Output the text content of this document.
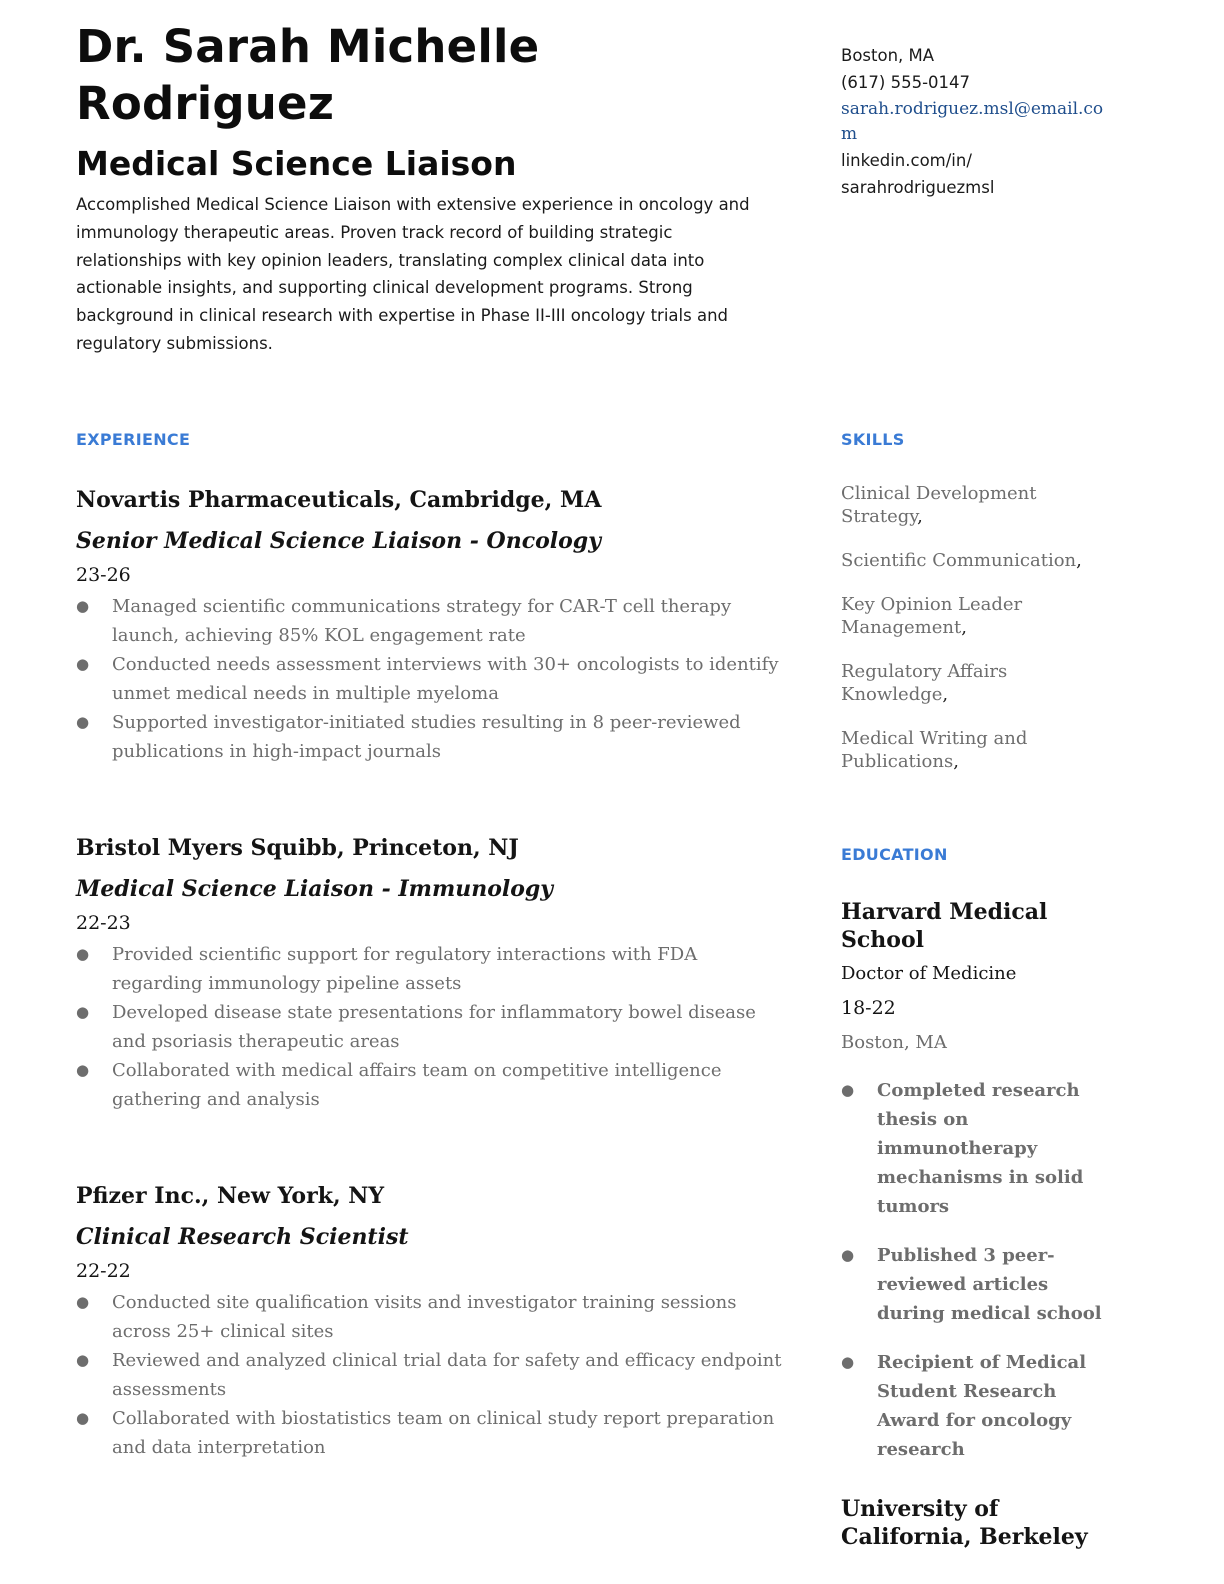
Dr. Sarah Michelle Rodriguez
Medical Science Liaison

Accomplished Medical Science Liaison with extensive experience in oncology and immunology therapeutic areas. Proven track record of building strategic relationships with key opinion leaders, translating complex clinical data into actionable insights, and supporting clinical development programs. Strong background in clinical research with expertise in Phase II-III oncology trials and regulatory submissions.

Boston, MA
(617) 555-0147
sarah.rodriguez.msl@email.com
linkedin.com/in/
sarahrodriguezmsl
EXPERIENCE	SKILLS
EDUCATION
Novartis Pharmaceuticals, Cambridge, MA
Senior Medical Science Liaison - Oncology
23-26
● Managed scientific communications strategy for CAR-T cell therapy launch, achieving 85% KOL engagement rate
● Conducted needs assessment interviews with 30+ oncologists to identify unmet medical needs in multiple myeloma
● Supported investigator-initiated studies resulting in 8 peer-reviewed publications in high-impact journals
Bristol Myers Squibb, Princeton, NJ
Medical Science Liaison - Immunology
22-23
● Provided scientific support for regulatory interactions with FDA regarding immunology pipeline assets
● Developed disease state presentations for inflammatory bowel disease and psoriasis therapeutic areas
● Collaborated with medical affairs team on competitive intelligence gathering and analysis
Pfizer Inc., New York, NY
Clinical Research Scientist
22-22
● Conducted site qualification visits and investigator training sessions across 25+ clinical sites
● Reviewed and analyzed clinical trial data for safety and efficacy endpoint assessments
● Collaborated with biostatistics team on clinical study report preparation and data interpretation
Clinical Development Strategy,
Scientific Communication,
Key Opinion Leader Management,
Regulatory Affairs Knowledge,
Medical Writing and Publications,
Harvard Medical School
Doctor of Medicine
18-22
Boston, MA
● Completed research thesis on immunotherapy mechanisms in solid tumors
● Published 3 peer-reviewed articles during medical school
● Recipient of Medical Student Research Award for oncology research
University of California, Berkeley
